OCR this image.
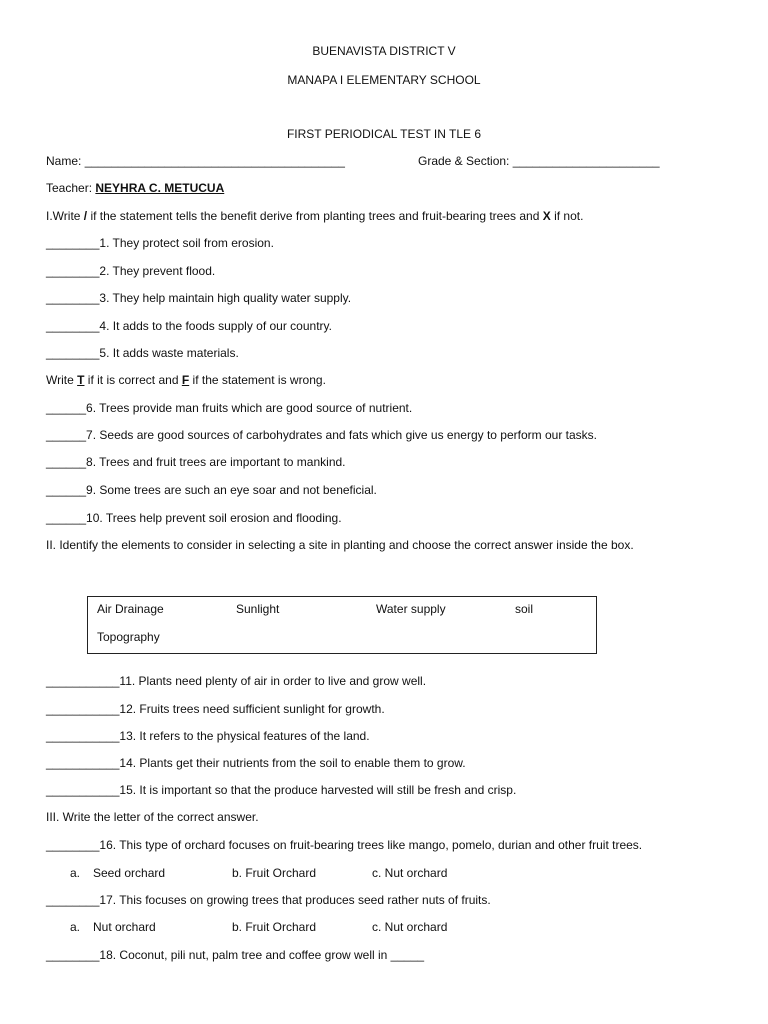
BUENAVISTA DISTRICT V
MANAPA I ELEMENTARY SCHOOL
FIRST PERIODICAL TEST IN TLE 6
Name: _______________________________________	Grade & Section: ______________________
Teacher: NEYHRA C. METUCUA
I.Write / if the statement tells the benefit derive from planting trees and fruit-bearing trees and X if not.
________1. They protect soil from erosion.
________2. They prevent flood.
________3. They help maintain high quality water supply.
________4. It adds to the foods supply of our country.
________5. It adds waste materials.
Write T if it is correct and F if the statement is wrong.
______6. Trees provide man fruits which are good source of nutrient.
______7. Seeds are good sources of carbohydrates and fats which give us energy to perform our tasks.
______8. Trees and fruit trees are important to mankind.
______9. Some trees are such an eye soar and not beneficial.
______10. Trees help prevent soil erosion and flooding.
II. Identify the elements to consider in selecting a site in planting and choose the correct answer inside the box.
Air Drainage	Sunlight	Water supply	soil
Topography
___________11. Plants need plenty of air in order to live and grow well.
___________12. Fruits trees need sufficient sunlight for growth.
___________13. It refers to the physical features of the land.
___________14. Plants get their nutrients from the soil to enable them to grow.
___________15. It is important so that the produce harvested will still be fresh and crisp.
III. Write the letter of the correct answer.
________16. This type of orchard focuses on fruit-bearing trees like mango, pomelo, durian and other fruit trees.
a. Seed orchard	b. Fruit Orchard	c. Nut orchard
________17. This focuses on growing trees that produces seed rather nuts of fruits.
a. Nut orchard	b. Fruit Orchard	c. Nut orchard
________18. Coconut, pili nut, palm tree and coffee grow well in _____
